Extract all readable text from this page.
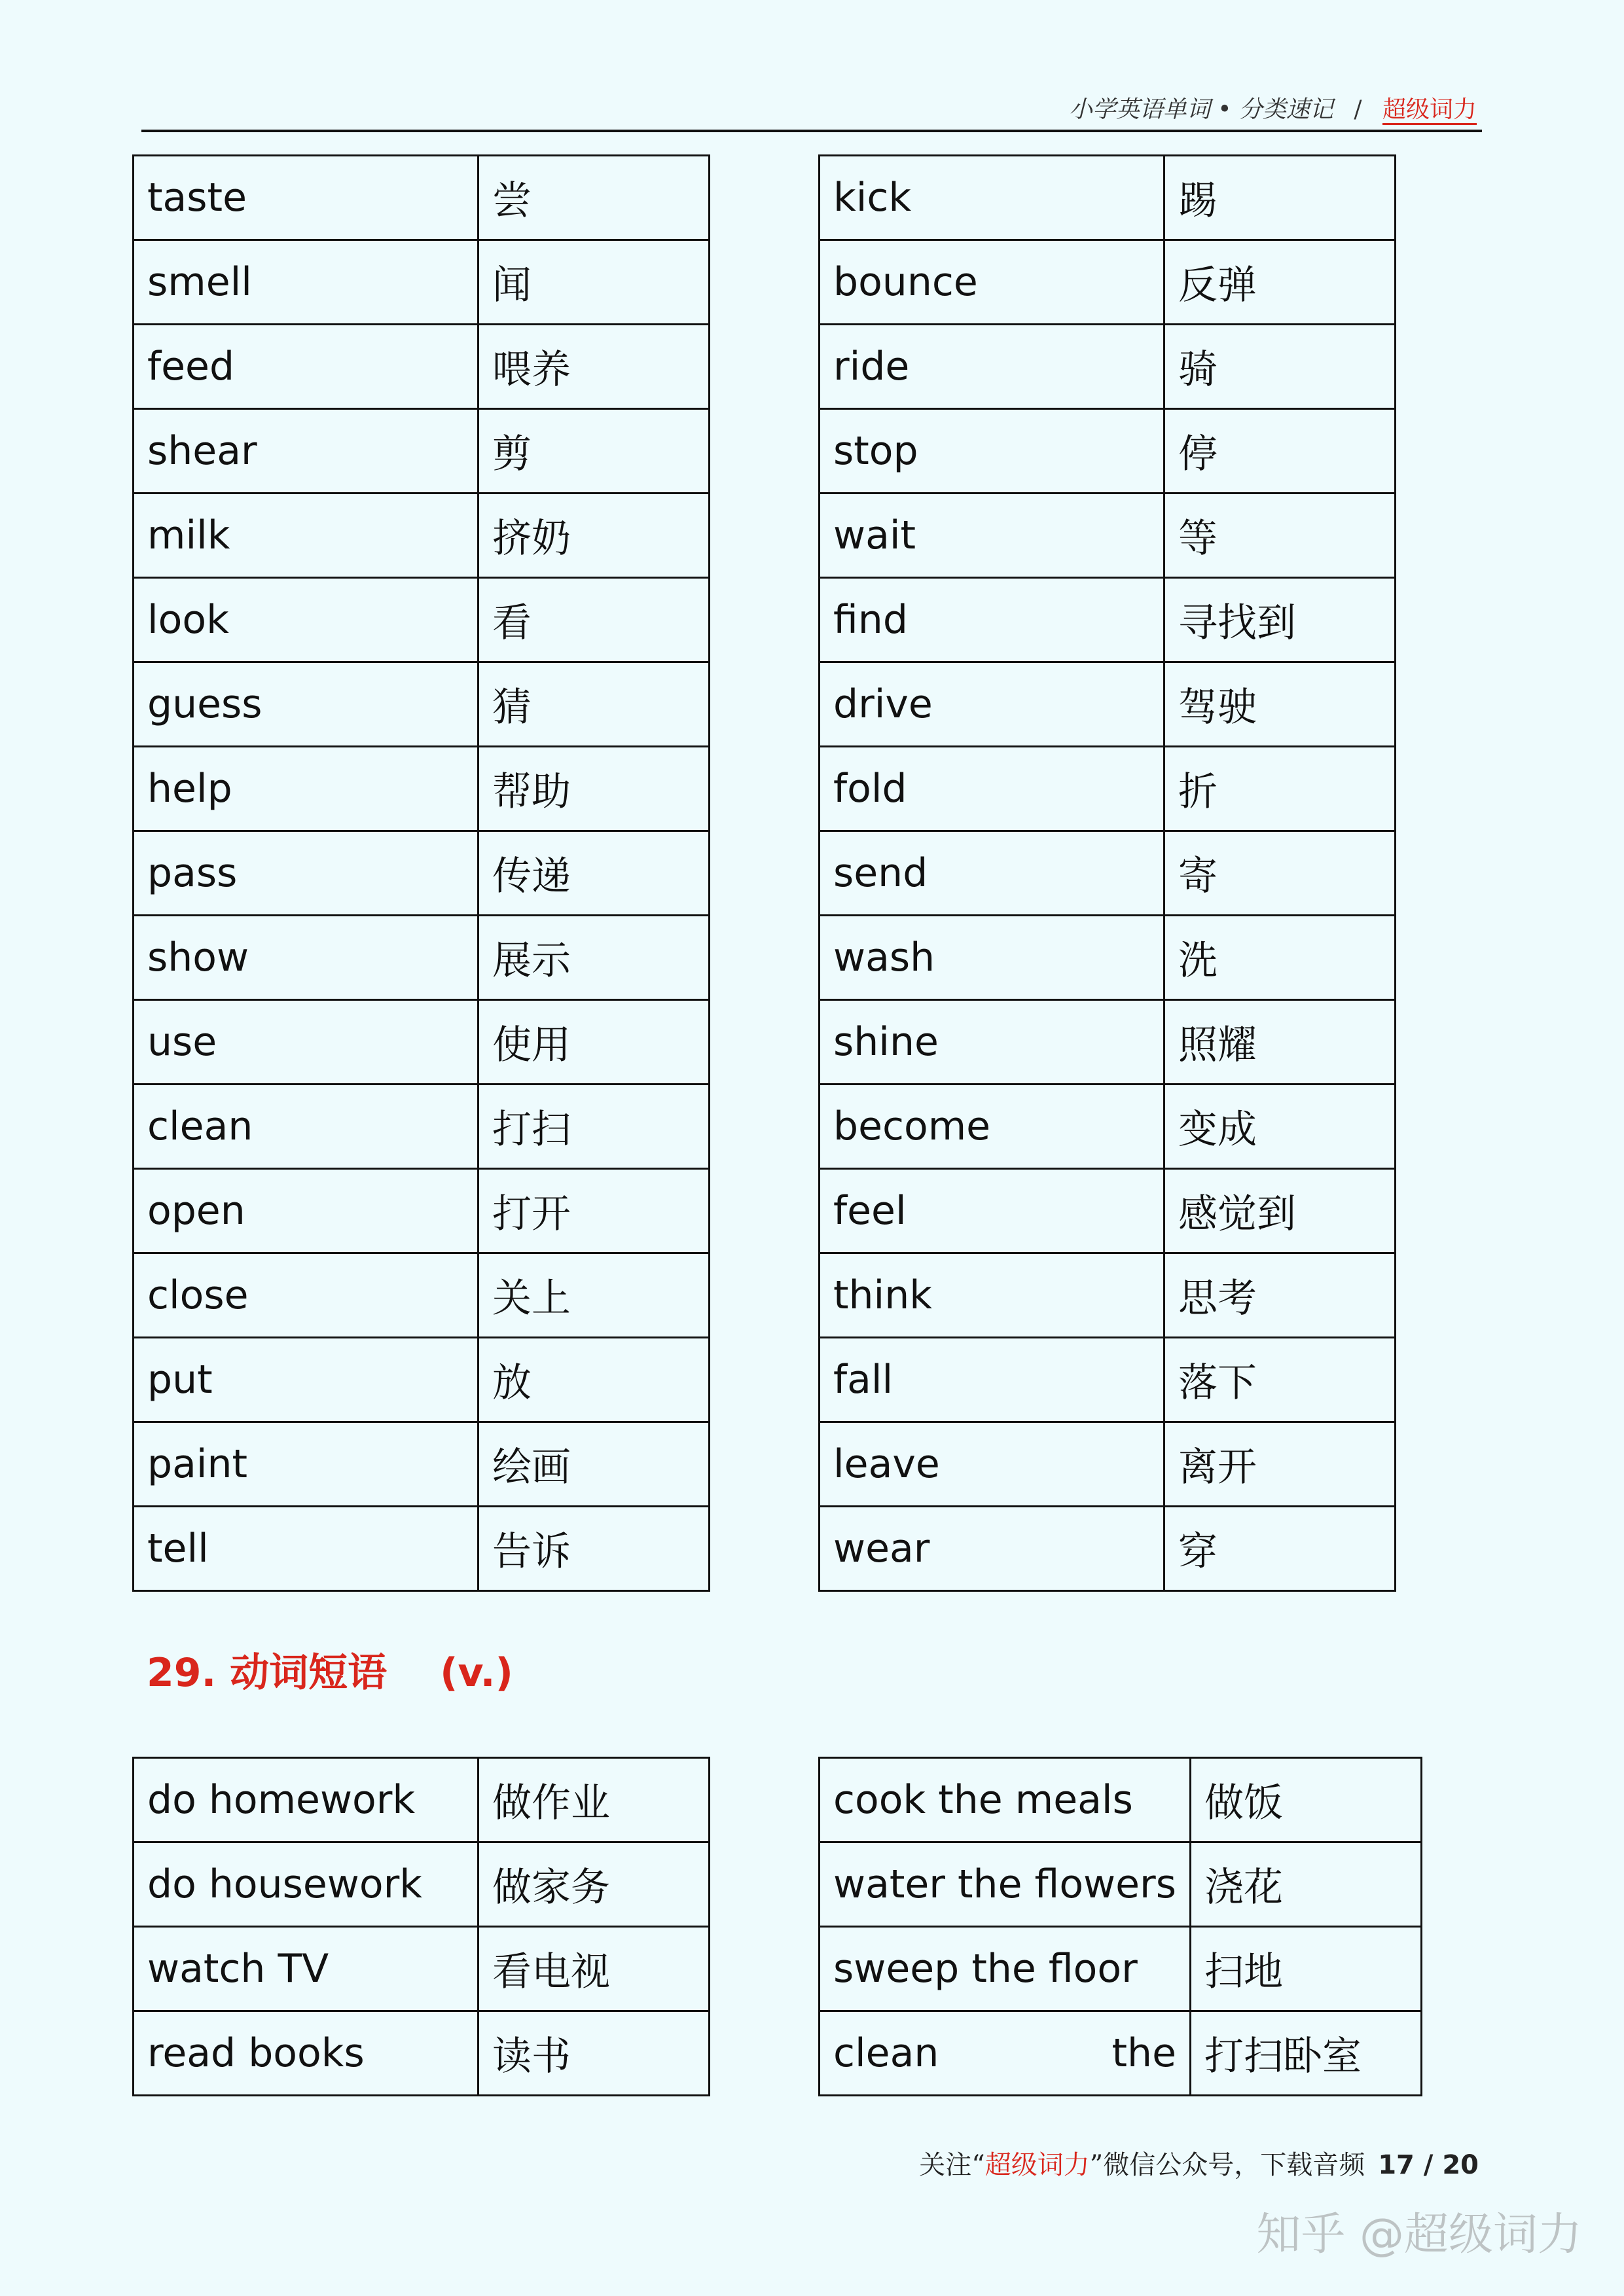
小学英语单词 • 分类速记 / 超级词力
taste	尝
smell	闻
feed	喂养
shear	剪
milk	挤奶
look	看
guess	猜
help	帮助
pass	传递
show	展示
use	使用
clean	打扫
open	打开
close	关上
put	放
paint	绘画
tell	告诉
kick	踢
bounce	反弹
ride	骑
stop	停
wait	等
find	寻找到
drive	驾驶
fold	折
send	寄
wash	洗
shine	照耀
become	变成
feel	感觉到
think	思考
fall	落下
leave	离开
wear	穿
29. 动词短语 (v.)
do homework	做作业
do housework	做家务
watch TV	看电视
read books	读书
cook the meals	做饭
water the flowers	浇花
sweep the floor	扫地

clean the	打扫卧室
关注“超级词力”微信公众号，下载音频 17 / 20
知乎 @超级词力
